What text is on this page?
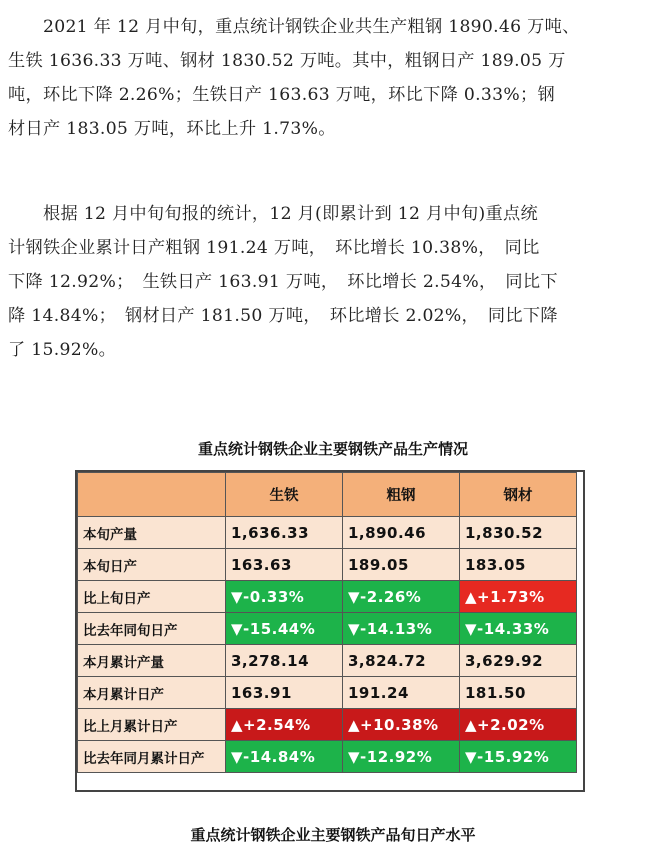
　　2021 年 12 月中旬，重点统计钢铁企业共生产粗钢 1890.46 万吨、
生铁 1636.33 万吨、钢材 1830.52 万吨。其中，粗钢日产 189.05 万
吨，环比下降 2.26%；生铁日产 163.63 万吨，环比下降 0.33%；钢
材日产 183.05 万吨，环比上升 1.73%。
　　根据 12 月中旬旬报的统计，12 月(即累计到 12 月中旬)重点统
计钢铁企业累计日产粗钢 191.24 万吨，　环比增长 10.38%，　同比
下降 12.92%；　生铁日产 163.91 万吨，　环比增长 2.54%，　同比下
降 14.84%；　钢材日产 181.50 万吨，　环比增长 2.02%，　同比下降
了 15.92%。
重点统计钢铁企业主要钢铁产品生产情况
	生铁	粗钢	钢材
本旬产量	1,636.33	1,890.46	1,830.52
本旬日产	163.63	189.05	183.05
比上旬日产	▼-0.33%	▼-2.26%	▲+1.73%
比去年同旬日产	▼-15.44%	▼-14.13%	▼-14.33%
本月累计产量	3,278.14	3,824.72	3,629.92
本月累计日产	163.91	191.24	181.50
比上月累计日产	▲+2.54%	▲+10.38%	▲+2.02%
比去年同月累计日产	▼-14.84%	▼-12.92%	▼-15.92%
重点统计钢铁企业主要钢铁产品旬日产水平
